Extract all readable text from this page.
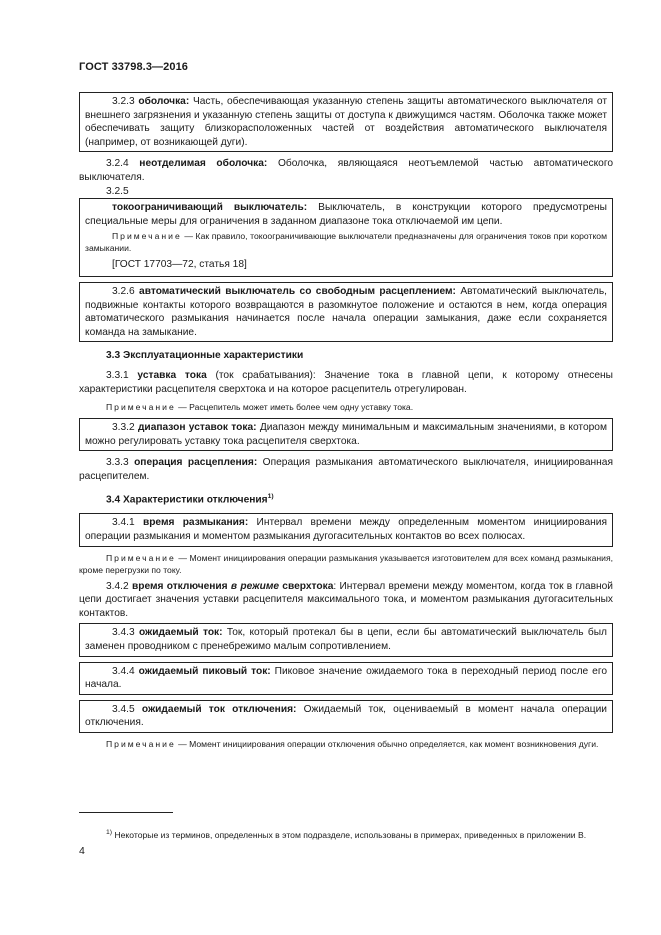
ГОСТ 33798.3—2016

3.2.3 оболочка: Часть, обеспечивающая указанную степень защиты автоматического выключателя от внешнего загрязнения и указанную степень защиты от доступа к движущимся частям. Оболочка также может обеспечивать защиту близкорасположенных частей от воздействия автоматического выключателя (например, от возникающей дуги).

3.2.4 неотделимая оболочка: Оболочка, являющаяся неотъемлемой частью автоматического выключателя.

3.2.5

токоограничивающий выключатель: Выключатель, в конструкции которого предусмотрены специальные меры для ограничения в заданном диапазоне тока отключаемой им цепи.

Примечание — Как правило, токоограничивающие выключатели предназначены для ограничения токов при коротком замыкании.

[ГОСТ 17703—72, статья 18]

3.2.6 автоматический выключатель со свободным расцеплением: Автоматический выключатель, подвижные контакты которого возвращаются в разомкнутое положение и остаются в нем, когда операция автоматического размыкания начинается после начала операции замыкания, даже если сохраняется команда на замыкание.

3.3 Эксплуатационные характеристики

3.3.1 уставка тока (ток срабатывания): Значение тока в главной цепи, к которому отнесены характеристики расцепителя сверхтока и на которое расцепитель отрегулирован.

Примечание — Расцепитель может иметь более чем одну уставку тока.

3.3.2 диапазон уставок тока: Диапазон между минимальным и максимальным значениями, в котором можно регулировать уставку тока расцепителя сверхтока.

3.3.3 операция расцепления: Операция размыкания автоматического выключателя, инициированная расцепителем.

3.4 Характеристики отключения$^{1)}$

3.4.1 время размыкания: Интервал времени между определенным моментом инициирования операции размыкания и моментом размыкания дугогасительных контактов во всех полюсах.

Примечание — Момент инициирования операции размыкания указывается изготовителем для всех команд размыкания, кроме перегрузки по току.

3.4.2 время отключения в режиме сверхтока: Интервал времени между моментом, когда ток в главной цепи достигает значения уставки расцепителя максимального тока, и моментом размыкания дугогасительных контактов.

3.4.3 ожидаемый ток: Ток, который протекал бы в цепи, если бы автоматический выключатель был заменен проводником с пренебрежимо малым сопротивлением.

3.4.4 ожидаемый пиковый ток: Пиковое значение ожидаемого тока в переходный период после его начала.

3.4.5 ожидаемый ток отключения: Ожидаемый ток, оцениваемый в момент начала операции отключения.

Примечание — Момент инициирования операции отключения обычно определяется, как момент возникновения дуги.

$^{1)}$ Некоторые из терминов, определенных в этом подразделе, использованы в примерах, приведенных в приложении В.

4
